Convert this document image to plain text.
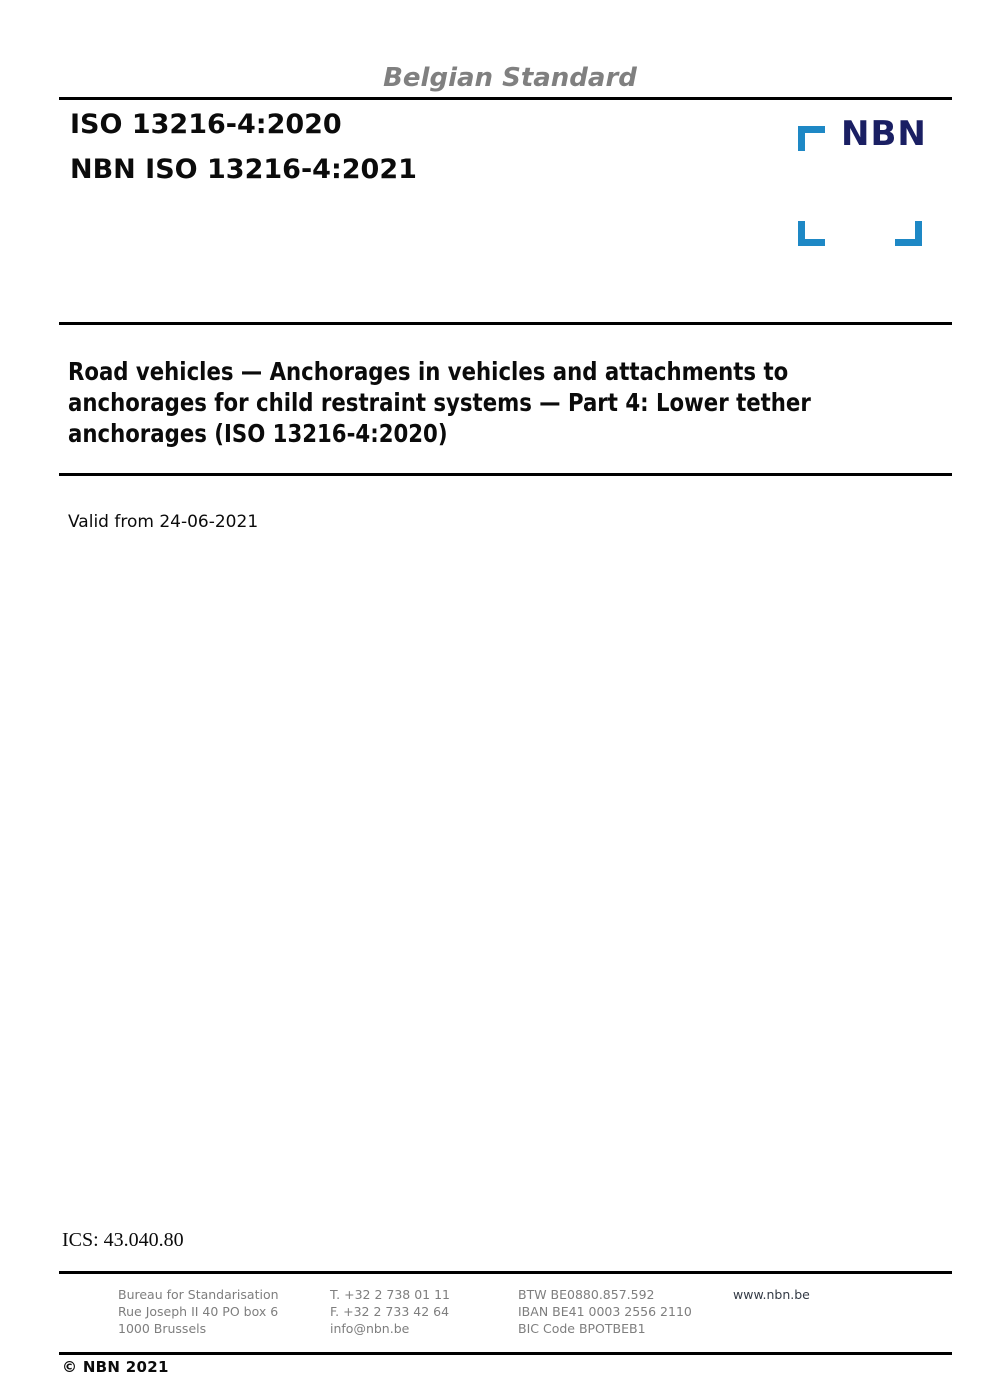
Belgian Standard
ISO 13216-4:2020
NBN ISO 13216-4:2021
NBN
Road vehicles — Anchorages in vehicles and attachments to
anchorages for child restraint systems — Part 4: Lower tether
anchorages (ISO 13216-4:2020)
Valid from 24-06-2021
ICS: 43.040.80
Bureau for Standarisation
Rue Joseph II 40 PO box 6
1000 Brussels
T. +32 2 738 01 11
F. +32 2 733 42 64
info@nbn.be
BTW BE0880.857.592
IBAN BE41 0003 2556 2110
BIC Code BPOTBEB1
www.nbn.be
© NBN 2021
